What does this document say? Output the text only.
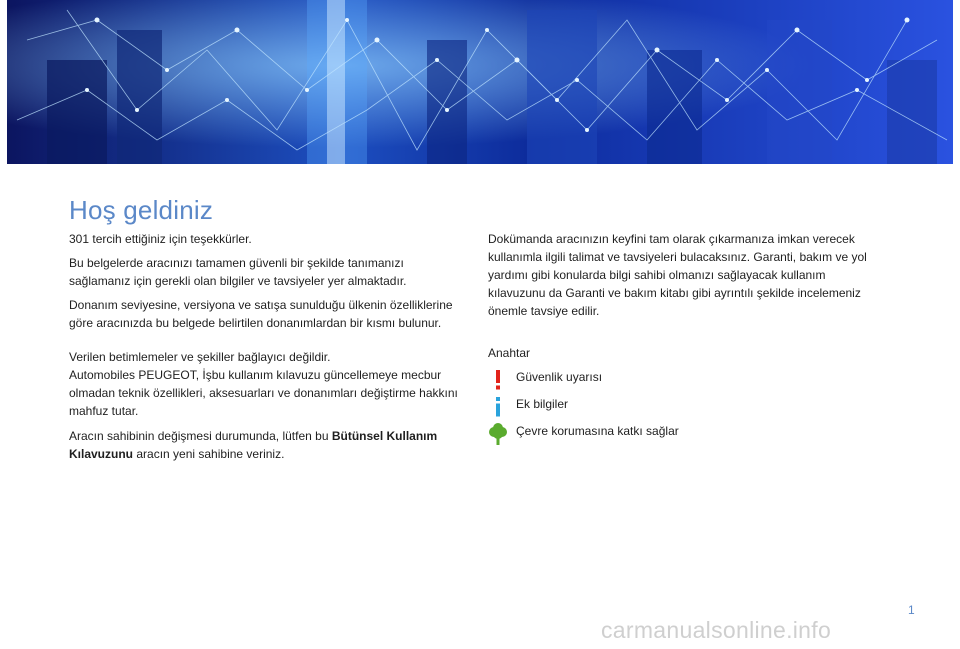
Hoş geldiniz

301 tercih ettiğiniz için teşekkürler.

Bu belgelerde aracınızı tamamen güvenli bir şekilde tanımanızı sağlamanız için gerekli olan bilgiler ve tavsiyeler yer almaktadır.

Donanım seviyesine, versiyona ve satışa sunulduğu ülkenin özelliklerine göre aracınızda bu belgede belirtilen donanımlardan bir kısmı bulunur.

Verilen betimlemeler ve şekiller bağlayıcı değildir.
Automobiles PEUGEOT, İşbu kullanım kılavuzu güncellemeye mecbur olmadan teknik özellikleri, aksesuarları ve donanımları değiştirme hakkını mahfuz tutar.

Aracın sahibinin değişmesi durumunda, lütfen bu Bütünsel Kullanım Kılavuzunu aracın yeni sahibine veriniz.

Dokümanda aracınızın keyfini tam olarak çıkarmanıza imkan verecek kullanımla ilgili talimat ve tavsiyeleri bulacaksınız. Garanti, bakım ve yol yardımı gibi konularda bilgi sahibi olmanızı sağlayacak kullanım kılavuzunu da Garanti ve bakım kitabı gibi ayrıntılı şekilde incelemeniz önemle tavsiye edilir.

Anahtar

Güvenlik uyarısı
Ek bilgiler
Çevre korumasına katkı sağlar
1
carmanualsonline.info
